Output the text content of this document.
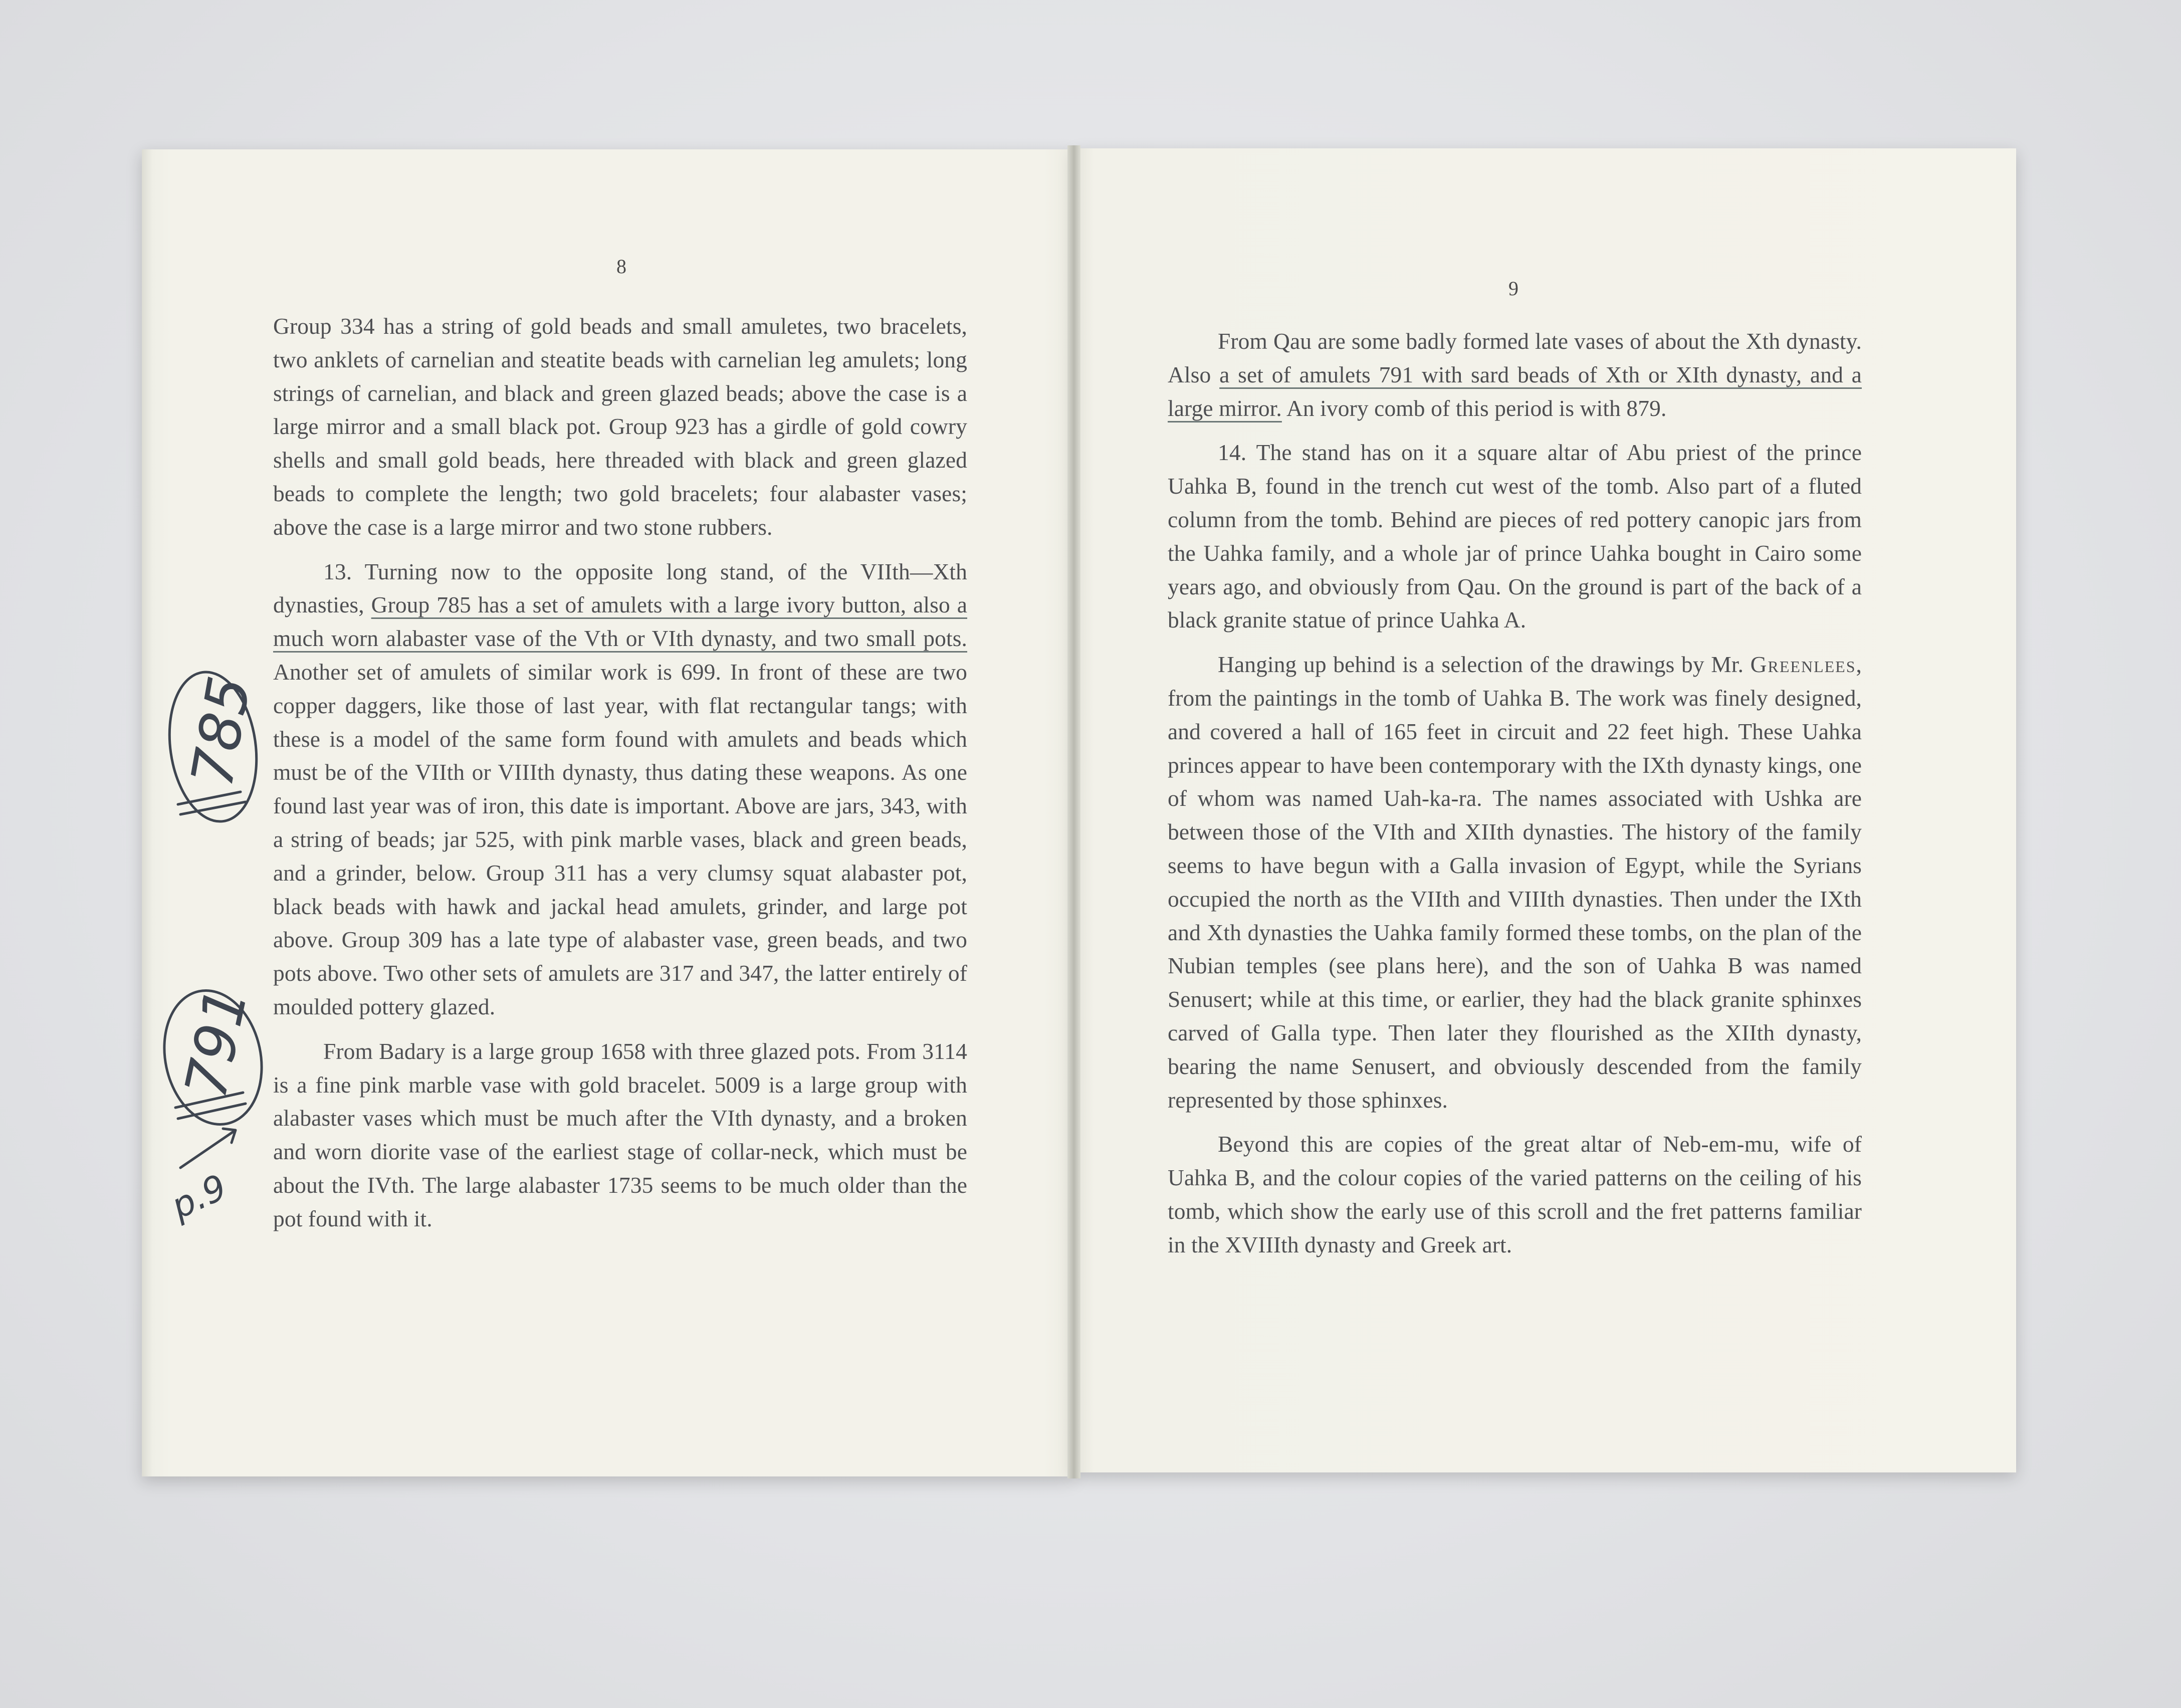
8
9

Group 334 has a string of gold beads and small amuletes, two bracelets, two anklets of carnelian and steatite beads with carnelian leg amulets; long strings of carnelian, and black and green glazed beads; above the case is a large mirror and a small black pot. Group 923 has a girdle of gold cowry shells and small gold beads, here threaded with black and green glazed beads to complete the length; two gold bracelets; four alabaster vases; above the case is a large mirror and two stone rubbers.

13. Turning now to the opposite long stand, of the VIIth—Xth dynasties, Group 785 has a set of amulets with a large ivory button, also a much worn alabaster vase of the Vth or VIth dynasty, and two small pots. Another set of amulets of similar work is 699. In front of these are two copper daggers, like those of last year, with flat rectangular tangs; with these is a model of the same form found with amulets and beads which must be of the VIIth or VIIIth dynasty, thus dating these weapons. As one found last year was of iron, this date is important. Above are jars, 343, with a string of beads; jar 525, with pink marble vases, black and green beads, and a grinder, below. Group 311 has a very clumsy squat alabaster pot, black beads with hawk and jackal head amulets, grinder, and large pot above. Group 309 has a late type of alabaster vase, green beads, and two pots above. Two other sets of amulets are 317 and 347, the latter entirely of moulded pottery glazed.

From Badary is a large group 1658 with three glazed pots. From 3114 is a fine pink marble vase with gold bracelet. 5009 is a large group with alabaster vases which must be much after the VIth dynasty, and a broken and worn diorite vase of the earliest stage of collar-neck, which must be about the IVth. The large alabaster 1735 seems to be much older than the pot found with it.

From Qau are some badly formed late vases of about the Xth dynasty. Also a set of amulets 791 with sard beads of Xth or XIth dynasty, and a large mirror. An ivory comb of this period is with 879.

14. The stand has on it a square altar of Abu priest of the prince Uahka B, found in the trench cut west of the tomb. Also part of a fluted column from the tomb. Behind are pieces of red pottery canopic jars from the Uahka family, and a whole jar of prince Uahka bought in Cairo some years ago, and obviously from Qau. On the ground is part of the back of a black granite statue of prince Uahka A.

Hanging up behind is a selection of the drawings by Mr. Greenlees, from the paintings in the tomb of Uahka B. The work was finely designed, and covered a hall of 165 feet in circuit and 22 feet high. These Uahka princes appear to have been contemporary with the IXth dynasty kings, one of whom was named Uah-ka-ra. The names associated with Ushka are between those of the VIth and XIIth dynasties. The history of the family seems to have begun with a Galla invasion of Egypt, while the Syrians occupied the north as the VIIth and VIIIth dynasties. Then under the IXth and Xth dynasties the Uahka family formed these tombs, on the plan of the Nubian temples (see plans here), and the son of Uahka B was named Senusert; while at this time, or earlier, they had the black granite sphinxes carved of Galla type. Then later they flourished as the XIIth dynasty, bearing the name Senusert, and obviously descended from the family represented by those sphinxes.

Beyond this are copies of the great altar of Neb-em-mu, wife of Uahka B, and the colour copies of the varied patterns on the ceiling of his tomb, which show the early use of this scroll and the fret patterns familiar in the XVIIIth dynasty and Greek art.

785
791
p.9
